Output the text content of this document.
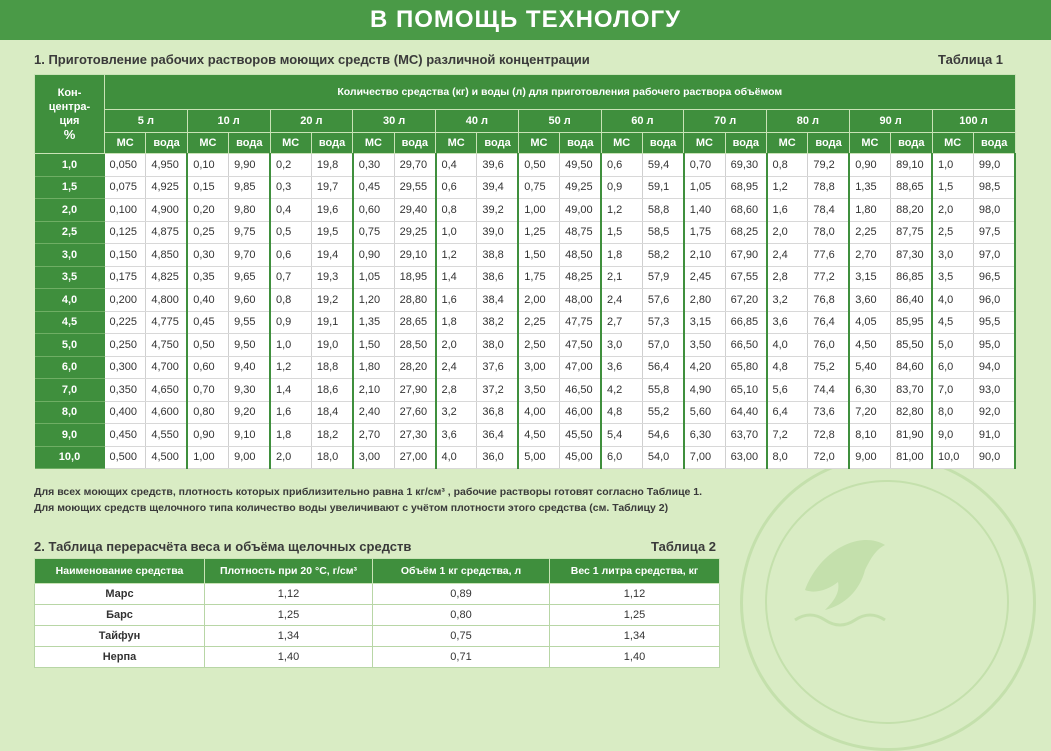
В ПОМОЩЬ ТЕХНОЛОГУ
1. Приготовление рабочих растворов моющих средств (МС) различной концентрации	Таблица 1
Кон-
центра-
ция
%	Количество средства (кг) и воды (л) для приготовления рабочего раствора объёмом																					
	5 л		10 л		20 л		30 л		40 л		50 л		60 л		70 л		80 л		90 л		100 л	
	МС	вода	МС	вода	МС	вода	МС	вода	МС	вода	МС	вода	МС	вода	МС	вода	МС	вода	МС	вода	МС	вода
1,0	0,050	4,950	0,10	9,90	0,2	19,8	0,30	29,70	0,4	39,6	0,50	49,50	0,6	59,4	0,70	69,30	0,8	79,2	0,90	89,10	1,0	99,0
1,5	0,075	4,925	0,15	9,85	0,3	19,7	0,45	29,55	0,6	39,4	0,75	49,25	0,9	59,1	1,05	68,95	1,2	78,8	1,35	88,65	1,5	98,5
2,0	0,100	4,900	0,20	9,80	0,4	19,6	0,60	29,40	0,8	39,2	1,00	49,00	1,2	58,8	1,40	68,60	1,6	78,4	1,80	88,20	2,0	98,0
2,5	0,125	4,875	0,25	9,75	0,5	19,5	0,75	29,25	1,0	39,0	1,25	48,75	1,5	58,5	1,75	68,25	2,0	78,0	2,25	87,75	2,5	97,5
3,0	0,150	4,850	0,30	9,70	0,6	19,4	0,90	29,10	1,2	38,8	1,50	48,50	1,8	58,2	2,10	67,90	2,4	77,6	2,70	87,30	3,0	97,0
3,5	0,175	4,825	0,35	9,65	0,7	19,3	1,05	18,95	1,4	38,6	1,75	48,25	2,1	57,9	2,45	67,55	2,8	77,2	3,15	86,85	3,5	96,5
4,0	0,200	4,800	0,40	9,60	0,8	19,2	1,20	28,80	1,6	38,4	2,00	48,00	2,4	57,6	2,80	67,20	3,2	76,8	3,60	86,40	4,0	96,0
4,5	0,225	4,775	0,45	9,55	0,9	19,1	1,35	28,65	1,8	38,2	2,25	47,75	2,7	57,3	3,15	66,85	3,6	76,4	4,05	85,95	4,5	95,5
5,0	0,250	4,750	0,50	9,50	1,0	19,0	1,50	28,50	2,0	38,0	2,50	47,50	3,0	57,0	3,50	66,50	4,0	76,0	4,50	85,50	5,0	95,0
6,0	0,300	4,700	0,60	9,40	1,2	18,8	1,80	28,20	2,4	37,6	3,00	47,00	3,6	56,4	4,20	65,80	4,8	75,2	5,40	84,60	6,0	94,0
7,0	0,350	4,650	0,70	9,30	1,4	18,6	2,10	27,90	2,8	37,2	3,50	46,50	4,2	55,8	4,90	65,10	5,6	74,4	6,30	83,70	7,0	93,0
8,0	0,400	4,600	0,80	9,20	1,6	18,4	2,40	27,60	3,2	36,8	4,00	46,00	4,8	55,2	5,60	64,40	6,4	73,6	7,20	82,80	8,0	92,0
9,0	0,450	4,550	0,90	9,10	1,8	18,2	2,70	27,30	3,6	36,4	4,50	45,50	5,4	54,6	6,30	63,70	7,2	72,8	8,10	81,90	9,0	91,0
10,0	0,500	4,500	1,00	9,00	2,0	18,0	3,00	27,00	4,0	36,0	5,00	45,00	6,0	54,0	7,00	63,00	8,0	72,0	9,00	81,00	10,0	90,0
Для всех моющих средств, плотность которых приблизительно равна 1 кг/см³ , рабочие растворы готовят согласно Таблице 1.
Для моющих средств щелочного типа количество воды увеличивают с учётом плотности этого средства (см. Таблицу 2)
2. Таблица перерасчёта веса и объёма щелочных средств	Таблица 2
Наименование средства	Плотность при 20 °С, г/см³	Объём 1 кг средства, л	Вес 1 литра средства, кг
Марс	1,12	0,89	1,12
Барс	1,25	0,80	1,25
Тайфун	1,34	0,75	1,34
Нерпа	1,40	0,71	1,40
